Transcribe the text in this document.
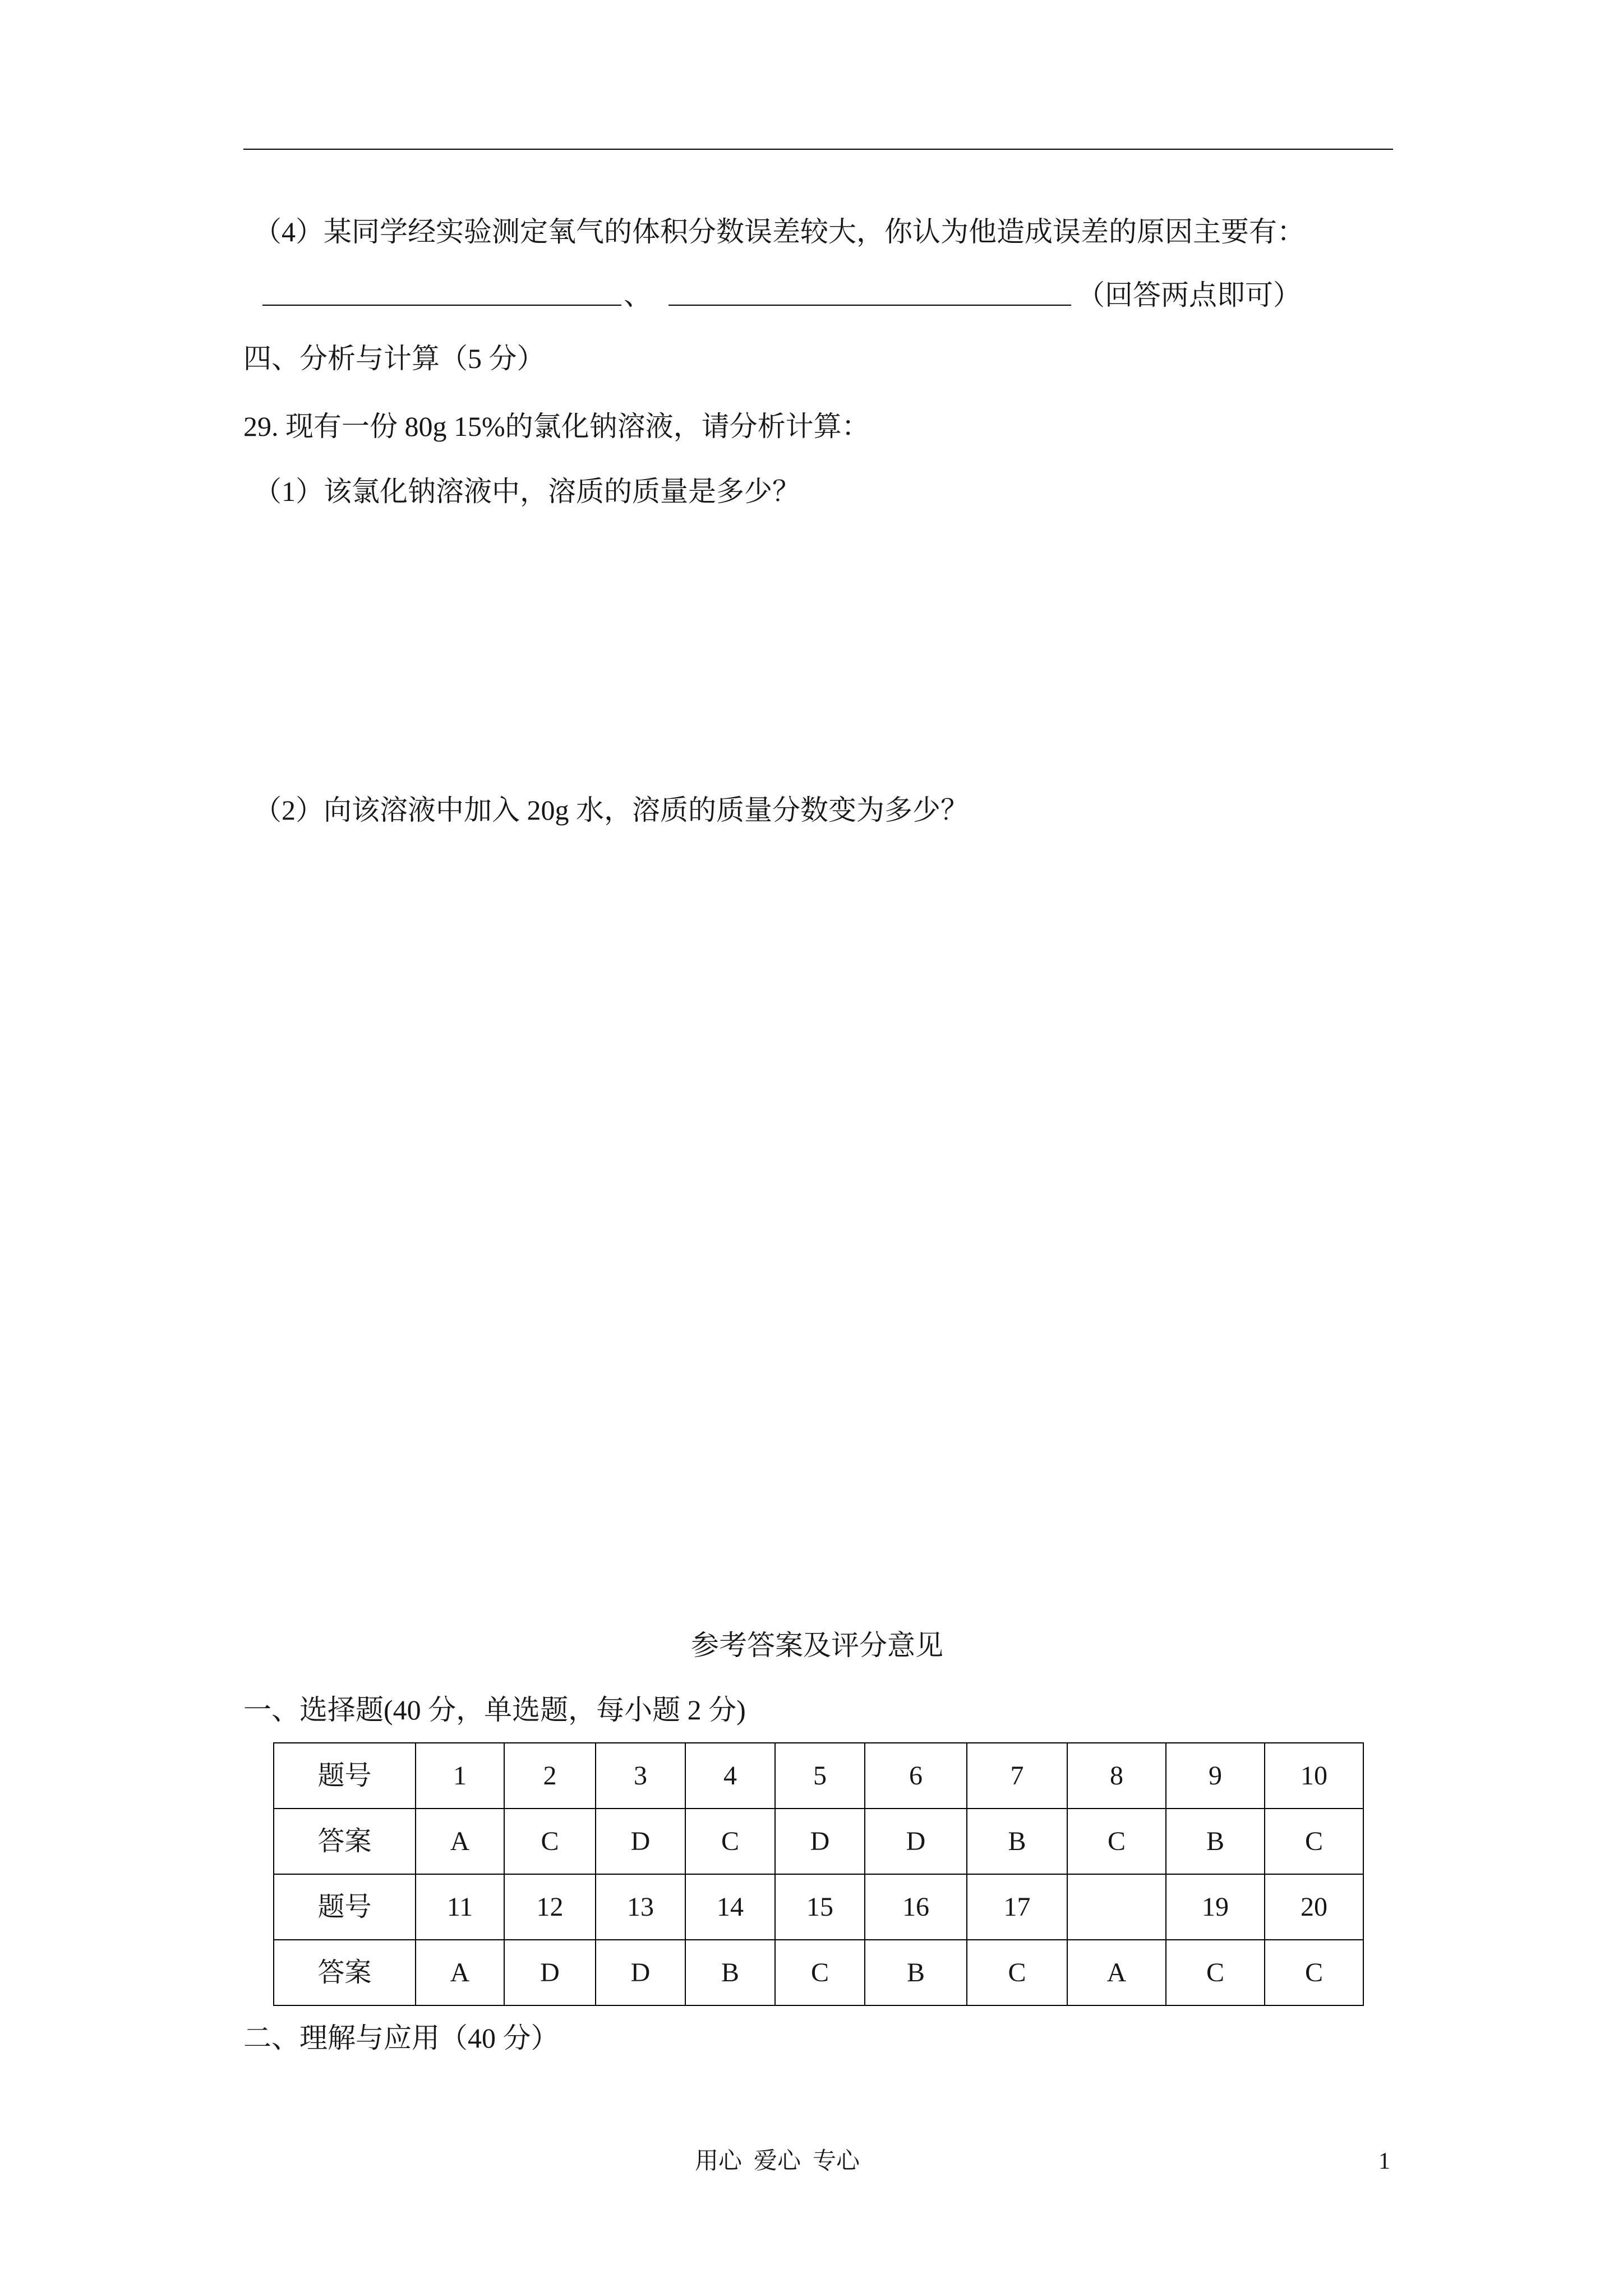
（4）某同学经实验测定氧气的体积分数误差较大，你认为他造成误差的原因主要有：
、	（回答两点即可）
四、分析与计算（5 分）
29. 现有一份 80g 15%的氯化钠溶液，请分析计算：
（1）该氯化钠溶液中，溶质的质量是多少？
（2）向该溶液中加入 20g 水，溶质的质量分数变为多少？
参考答案及评分意见
一、选择题(40 分，单选题，每小题 2 分)
题号	1	2	3	4	5	6	7	8	9	10
答案	A	C	D	C	D	D	B	C	B	C
题号	11	12	13	14	15	16	17		19	20
答案	A	D	D	B	C	B	C	A	C	C
二、理解与应用（40 分）
用心  爱心  专心	1
